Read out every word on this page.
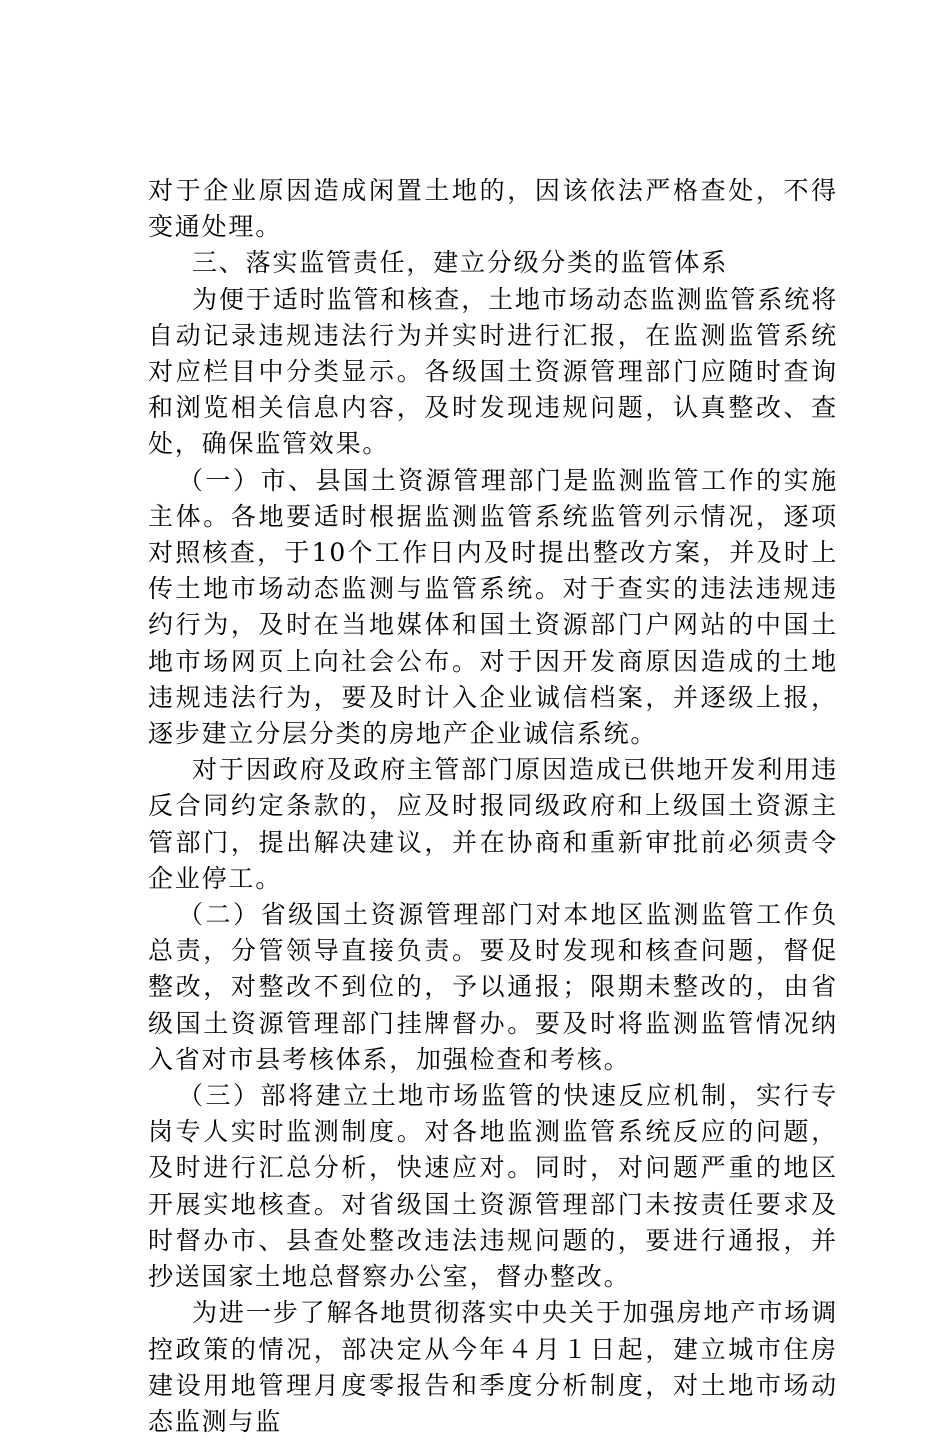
对于企业原因造成闲置土地的，因该依法严格查处，不得变通处理。

三、落实监管责任，建立分级分类的监管体系

为便于适时监管和核查，土地市场动态监测监管系统将自动记录违规违法行为并实时进行汇报，在监测监管系统对应栏目中分类显示。各级国土资源管理部门应随时查询和浏览相关信息内容，及时发现违规问题，认真整改、查处，确保监管效果。

（一）市、县国土资源管理部门是监测监管工作的实施主体。各地要适时根据监测监管系统监管列示情况，逐项对照核查，于10个工作日内及时提出整改方案，并及时上传土地市场动态监测与监管系统。对于查实的违法违规违约行为，及时在当地媒体和国土资源部门户网站的中国土地市场网页上向社会公布。对于因开发商原因造成的土地违规违法行为，要及时计入企业诚信档案，并逐级上报，逐步建立分层分类的房地产企业诚信系统。

对于因政府及政府主管部门原因造成已供地开发利用违反合同约定条款的，应及时报同级政府和上级国土资源主管部门，提出解决建议，并在协商和重新审批前必须责令企业停工。

（二）省级国土资源管理部门对本地区监测监管工作负总责，分管领导直接负责。要及时发现和核查问题，督促整改，对整改不到位的，予以通报；限期未整改的，由省级国土资源管理部门挂牌督办。要及时将监测监管情况纳入省对市县考核体系，加强检查和考核。

（三）部将建立土地市场监管的快速反应机制，实行专岗专人实时监测制度。对各地监测监管系统反应的问题，及时进行汇总分析，快速应对。同时，对问题严重的地区开展实地核查。对省级国土资源管理部门未按责任要求及时督办市、县查处整改违法违规问题的，要进行通报，并抄送国家土地总督察办公室，督办整改。

为进一步了解各地贯彻落实中央关于加强房地产市场调控政策的情况，部决定从今年４月１日起，建立城市住房建设用地管理月度零报告和季度分析制度，对土地市场动态监测与监
